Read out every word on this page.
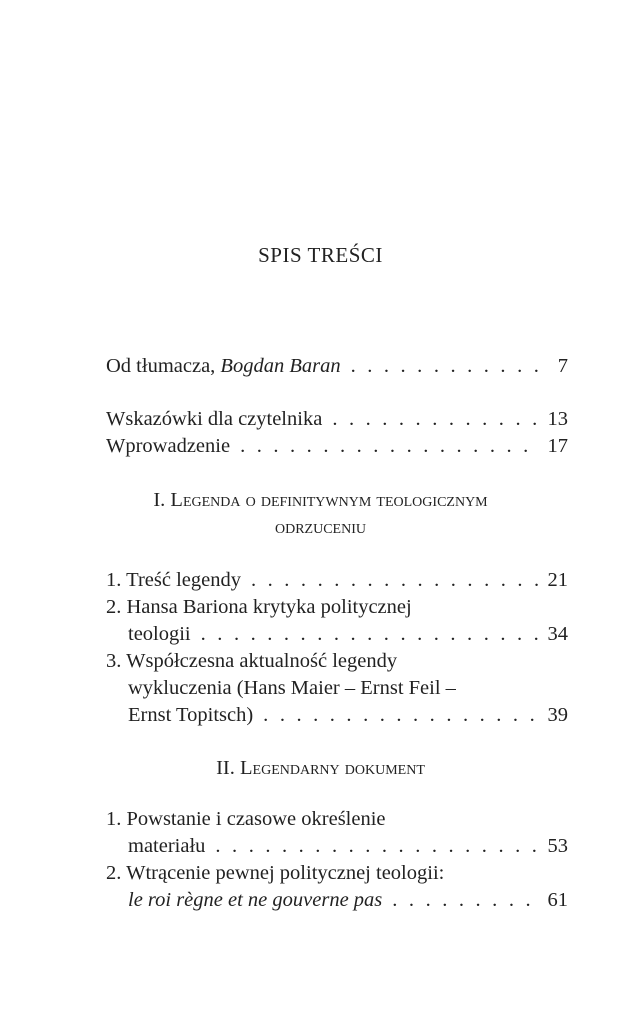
SPIS TREŚCI
Od tłumacza, Bogdan Baran . . .	7
Wskazówki dla czytelnika . . .	13
Wprowadzenie . . .	17
I. Legenda o definitywnym teologicznym
odrzuceniu
1. Treść legendy . . .	21
2. Hansa Bariona krytyka politycznej
teologii . . .	34
3. Współczesna aktualność legendy
wykluczenia (Hans Maier – Ernst Feil –
Ernst Topitsch) . . .	39
II. Legendarny dokument
1. Powstanie i czasowe określenie
materiału . . .	53
2. Wtrącenie pewnej politycznej teologii:
le roi règne et ne gouverne pas . . .	61
